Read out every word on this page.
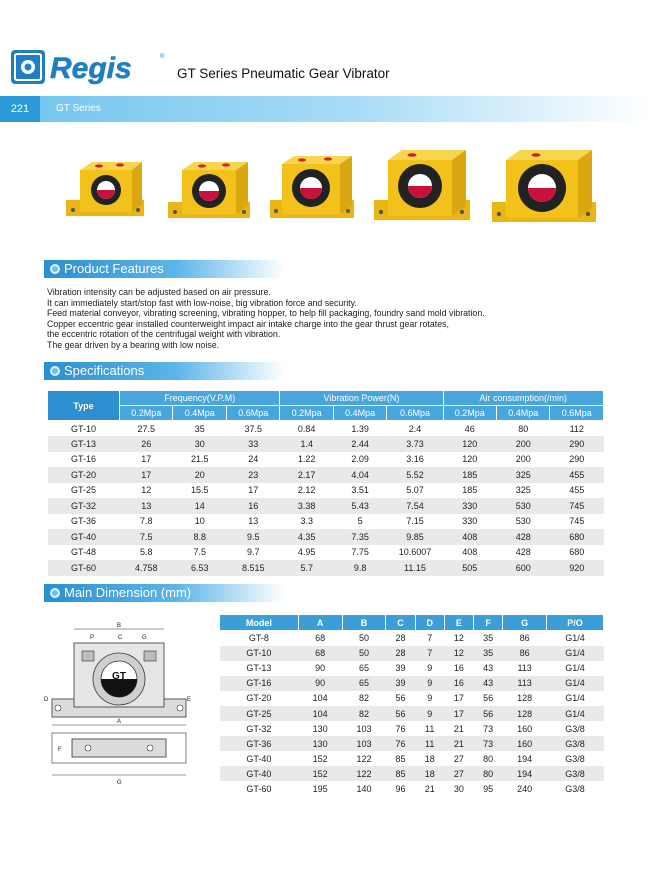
Regis	®
GT Series Pneumatic Gear Vibrator
221	GT Series
Product Features
Vibration intensity can be adjusted based on air pressure.
It can immediately start/stop fast with low-noise, big vibration force and security.
Feed material conveyor, vibrating screening, vibrating hopper, to help fill packaging, foundry sand mold vibration.
Copper eccentric gear installed counterweight impact air intake charge into the gear thrust gear rotates,
the eccentric rotation of the centrifugal weight with vibration.
The gear driven by a bearing with low noise.
Specifications
Type	Frequency(V.P.M)			Vibration Power(N)			Air consumption(/min)		
	0.2Mpa	0.4Mpa	0.6Mpa	0.2Mpa	0.4Mpa	0.6Mpa	0.2Mpa	0.4Mpa	0.6Mpa
GT-10	27.5	35	37.5	0.84	1.39	2.4	46	80	112
GT-13	26	30	33	1.4	2.44	3.73	120	200	290
GT-16	17	21.5	24	1.22	2.09	3.16	120	200	290
GT-20	17	20	23	2.17	4.04	5.52	185	325	455
GT-25	12	15.5	17	2.12	3.51	5.07	185	325	455
GT-32	13	14	16	3.38	5.43	7.54	330	530	745
GT-36	7.8	10	13	3.3	5	7.15	330	530	745
GT-40	7.5	8.8	9.5	4.35	7.35	9.85	408	428	680
GT-48	5.8	7.5	9.7	4.95	7.75	10.6007	408	428	680
GT-60	4.758	6.53	8.515	5.7	9.8	11.15	505	600	920
Main Dimension (mm)
GT
B
P	C	G
D	E
A
F
G
Model	A	B	C	D	E	F	G	P/O
GT-8	68	50	28	7	12	35	86	G1/4
GT-10	68	50	28	7	12	35	86	G1/4
GT-13	90	65	39	9	16	43	113	G1/4
GT-16	90	65	39	9	16	43	113	G1/4
GT-20	104	82	56	9	17	56	128	G1/4
GT-25	104	82	56	9	17	56	128	G1/4
GT-32	130	103	76	11	21	73	160	G3/8
GT-36	130	103	76	11	21	73	160	G3/8
GT-40	152	122	85	18	27	80	194	G3/8
GT-40	152	122	85	18	27	80	194	G3/8
GT-60	195	140	96	21	30	95	240	G3/8
